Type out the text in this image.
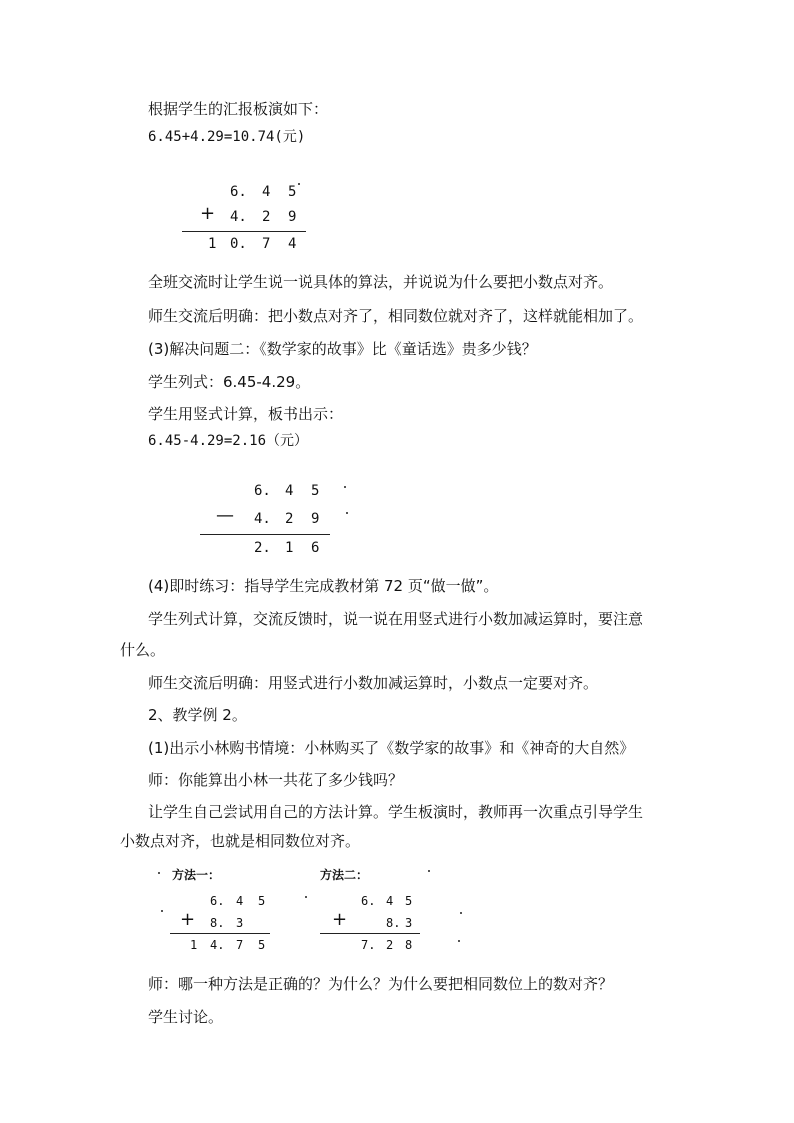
根据学生的汇报板演如下：
6.45+4.29=10.74(元)
6. 4 5
+ 4. 2 9
1 0. 7 4
全班交流时让学生说一说具体的算法，并说说为什么要把小数点对齐。
师生交流后明确：把小数点对齐了，相同数位就对齐了，这样就能相加了。
(3)解决问题二：《数学家的故事》比《童话选》贵多少钱？
学生列式：6.45-4.29。
学生用竖式计算，板书出示：
6.45-4.29=2.16（元）
6. 4 5
— 4. 2 9
2. 1 6
(4)即时练习：指导学生完成教材第 72 页“做一做”。
学生列式计算，交流反馈时，说一说在用竖式进行小数加减运算时，要注意
什么。
师生交流后明确：用竖式进行小数加减运算时，小数点一定要对齐。
2、教学例 2。
(1)出示小林购书情境：小林购买了《数学家的故事》和《神奇的大自然》
师：你能算出小林一共花了多少钱吗？
让学生自己尝试用自己的方法计算。学生板演时，教师再一次重点引导学生
小数点对齐，也就是相同数位对齐。
方法一：
6. 4 5
+ 8. 3
1 4. 7 5
方法二：
6. 4 5
+	8. 3
7. 2 8
师：哪一种方法是正确的？为什么？为什么要把相同数位上的数对齐？
学生讨论。
